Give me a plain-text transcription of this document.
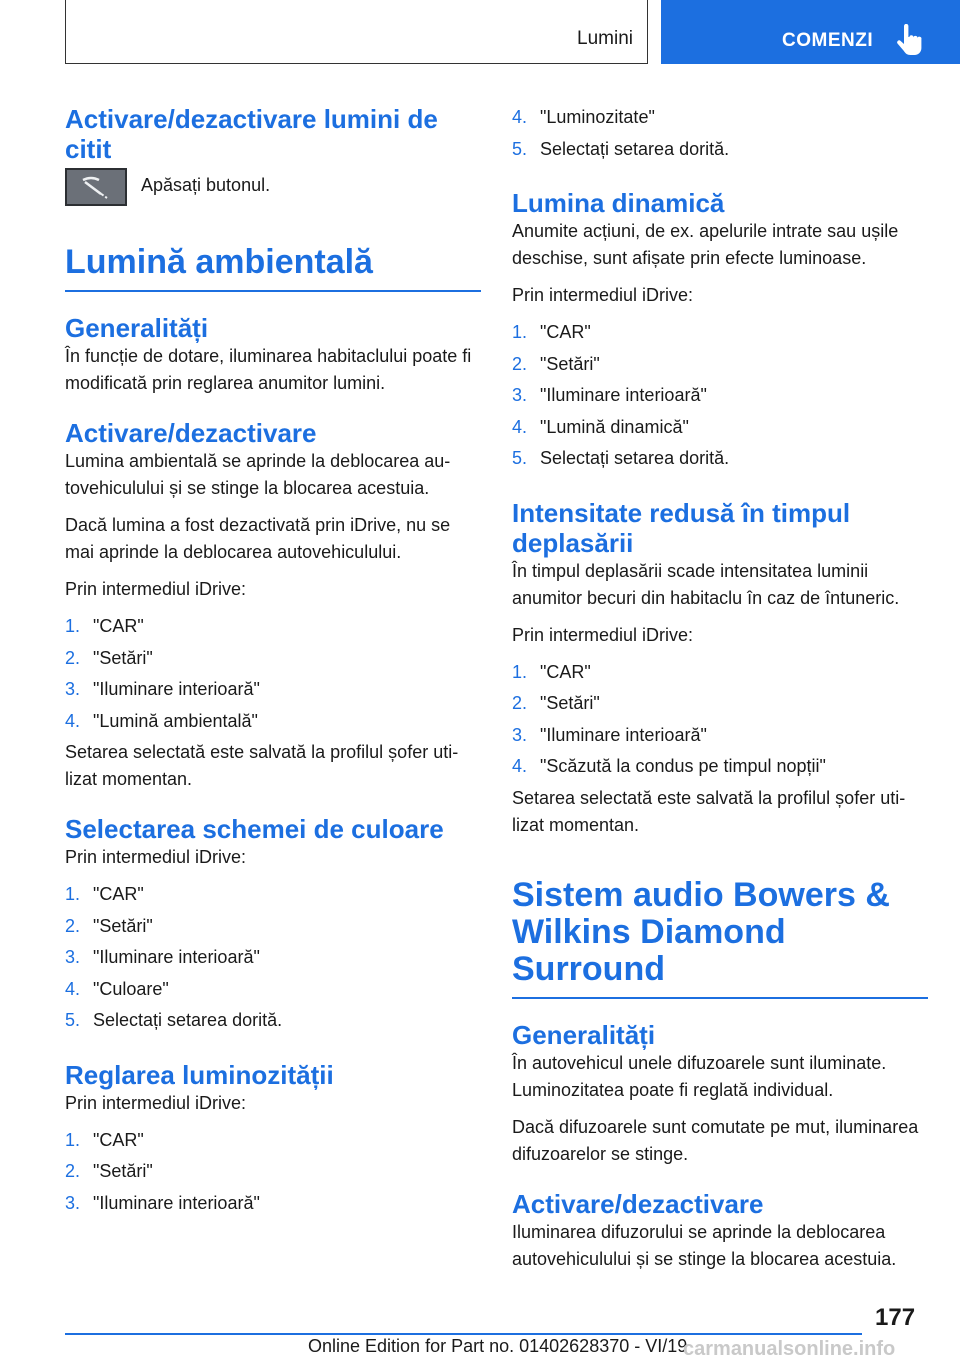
Lumini	COMENZI
Activare/dezactivare lumini de citit

Apăsați butonul.

Lumină ambientală
Generalități

În funcție de dotare, iluminarea habitaclului poate fi modificată prin reglarea anumitor lumini.

Activare/dezactivare

Lumina ambientală se aprinde la deblocarea autovehiculului și se stinge la blocarea acestuia.

Dacă lumina a fost dezactivată prin iDrive, nu se mai aprinde la deblocarea autovehiculului.

Prin intermediul iDrive:

1. "CAR"
2. "Setări"
3. "Iluminare interioară"
4. "Lumină ambientală"

Setarea selectată este salvată la profilul șofer utilizat momentan.

Selectarea schemei de culoare

Prin intermediul iDrive:

1. "CAR"
2. "Setări"
3. "Iluminare interioară"
4. "Culoare"
5. Selectați setarea dorită.
Reglarea luminozității

Prin intermediul iDrive:

1. "CAR"
2. "Setări"
3. "Iluminare interioară"
4. "Luminozitate"
5. Selectați setarea dorită.
Lumina dinamică

Anumite acțiuni, de ex. apelurile intrate sau ușile deschise, sunt afișate prin efecte luminoase.

Prin intermediul iDrive:

1. "CAR"
2. "Setări"
3. "Iluminare interioară"
4. "Lumină dinamică"
5. Selectați setarea dorită.
Intensitate redusă în timpul deplasării

În timpul deplasării scade intensitatea luminii anumitor becuri din habitaclu în caz de întuneric.

Prin intermediul iDrive:

1. "CAR"
2. "Setări"
3. "Iluminare interioară"
4. "Scăzută la condus pe timpul nopții"

Setarea selectată este salvată la profilul șofer utilizat momentan.

Sistem audio Bowers & Wilkins Diamond Surround
Generalități

În autovehicul unele difuzoarele sunt iluminate. Luminozitatea poate fi reglată individual.

Dacă difuzoarele sunt comutate pe mut, iluminarea difuzoarelor se stinge.

Activare/dezactivare

Iluminarea difuzorului se aprinde la deblocarea autovehiculului și se stinge la blocarea acestuia.

177
Online Edition for Part no. 01402628370 - VI/19
carmanualsonline.info
